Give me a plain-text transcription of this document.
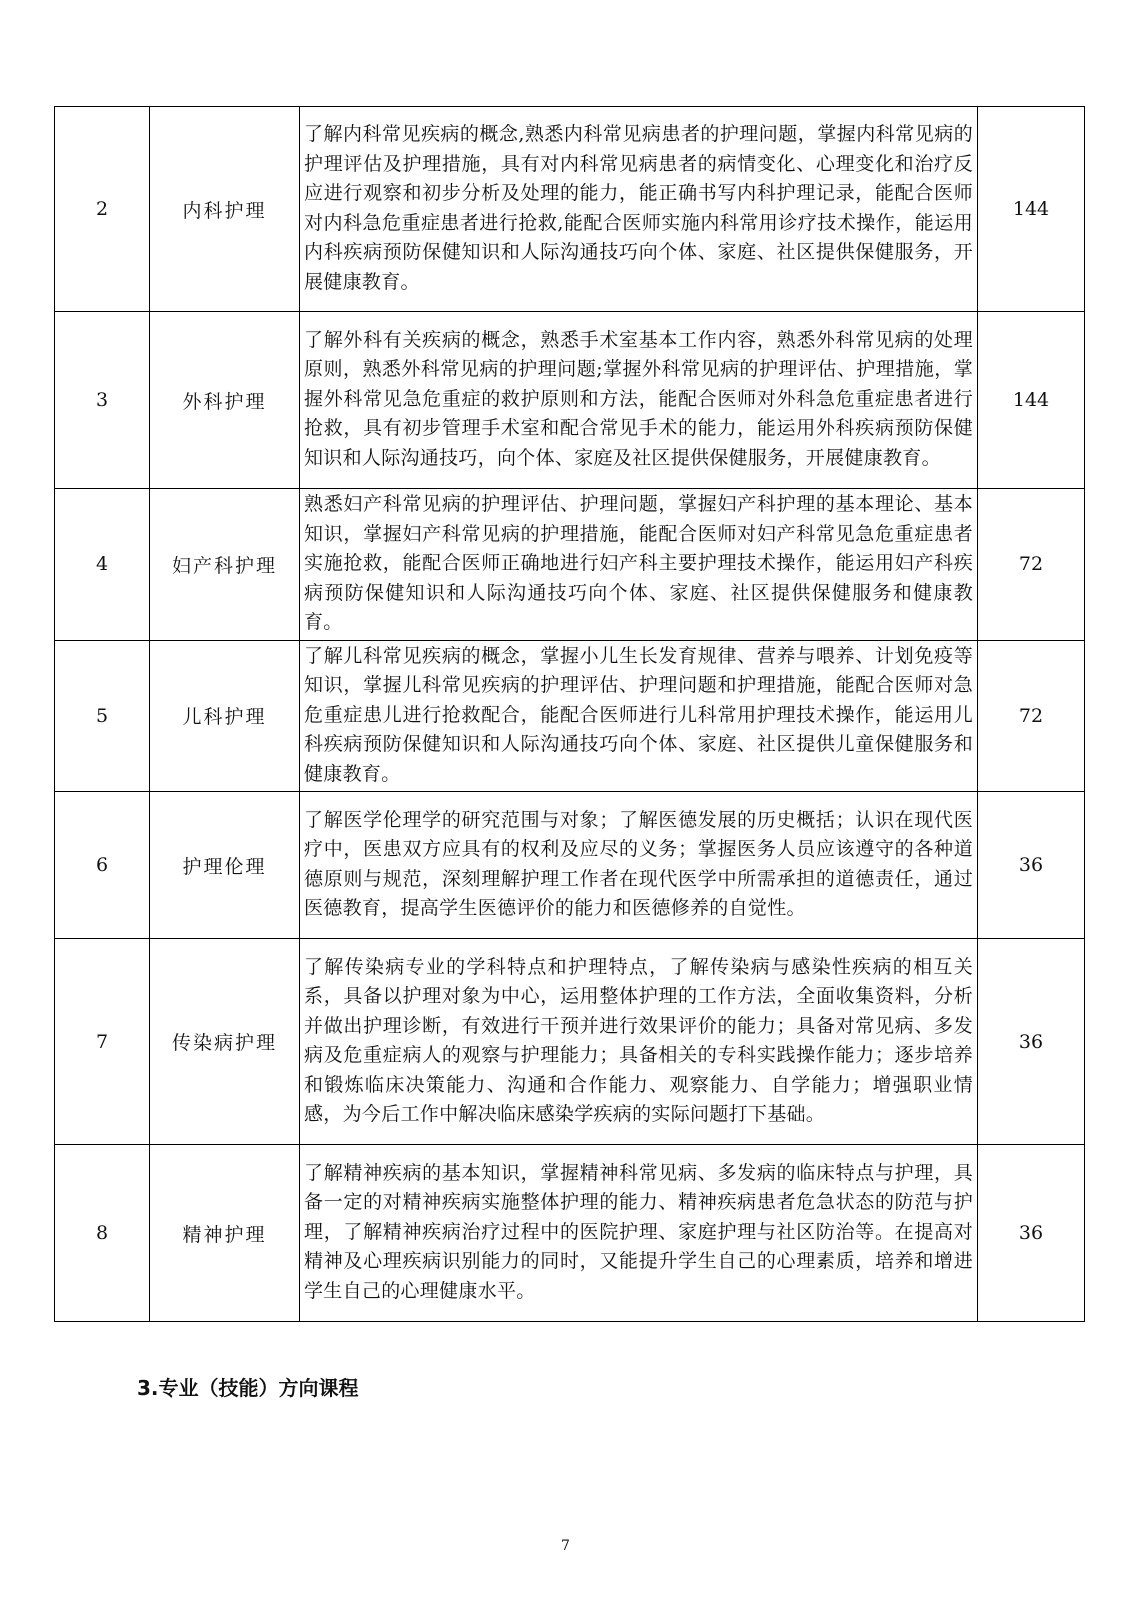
2	内科护理	了解内科常见疾病的概念,熟悉内科常见病患者的护理问题，掌握内科常见病的护理评估及护理措施，具有对内科常见病患者的病情变化、心理变化和治疗反应进行观察和初步分析及处理的能力，能正确书写内科护理记录，能配合医师对内科急危重症患者进行抢救,能配合医师实施内科常用诊疗技术操作，能运用内科疾病预防保健知识和人际沟通技巧向个体、家庭、社区提供保健服务，开展健康教育。	144
3	外科护理	了解外科有关疾病的概念，熟悉手术室基本工作内容，熟悉外科常见病的处理原则，熟悉外科常见病的护理问题;掌握外科常见病的护理评估、护理措施，掌握外科常见急危重症的救护原则和方法，能配合医师对外科急危重症患者进行抢救，具有初步管理手术室和配合常见手术的能力，能运用外科疾病预防保健知识和人际沟通技巧，向个体、家庭及社区提供保健服务，开展健康教育。	144
4	妇产科护理	熟悉妇产科常见病的护理评估、护理问题，掌握妇产科护理的基本理论、基本知识，掌握妇产科常见病的护理措施，能配合医师对妇产科常见急危重症患者实施抢救，能配合医师正确地进行妇产科主要护理技术操作，能运用妇产科疾病预防保健知识和人际沟通技巧向个体、家庭、社区提供保健服务和健康教育。	72
5	儿科护理	了解儿科常见疾病的概念，掌握小儿生长发育规律、营养与喂养、计划免疫等知识，掌握儿科常见疾病的护理评估、护理问题和护理措施，能配合医师对急危重症患儿进行抢救配合，能配合医师进行儿科常用护理技术操作，能运用儿科疾病预防保健知识和人际沟通技巧向个体、家庭、社区提供儿童保健服务和健康教育。	72
6	护理伦理	了解医学伦理学的研究范围与对象；了解医德发展的历史概括；认识在现代医疗中，医患双方应具有的权利及应尽的义务；掌握医务人员应该遵守的各种道德原则与规范，深刻理解护理工作者在现代医学中所需承担的道德责任，通过医德教育，提高学生医德评价的能力和医德修养的自觉性。	36
7	传染病护理	了解传染病专业的学科特点和护理特点，了解传染病与感染性疾病的相互关系，具备以护理对象为中心，运用整体护理的工作方法，全面收集资料，分析并做出护理诊断，有效进行干预并进行效果评价的能力；具备对常见病、多发病及危重症病人的观察与护理能力；具备相关的专科实践操作能力；逐步培养和锻炼临床决策能力、沟通和合作能力、观察能力、自学能力；增强职业情感，为今后工作中解决临床感染学疾病的实际问题打下基础。	36
8	精神护理	了解精神疾病的基本知识，掌握精神科常见病、多发病的临床特点与护理，具备一定的对精神疾病实施整体护理的能力、精神疾病患者危急状态的防范与护理，了解精神疾病治疗过程中的医院护理、家庭护理与社区防治等。在提高对精神及心理疾病识别能力的同时，又能提升学生自己的心理素质，培养和增进学生自己的心理健康水平。	36
3.专业（技能）方向课程
7
